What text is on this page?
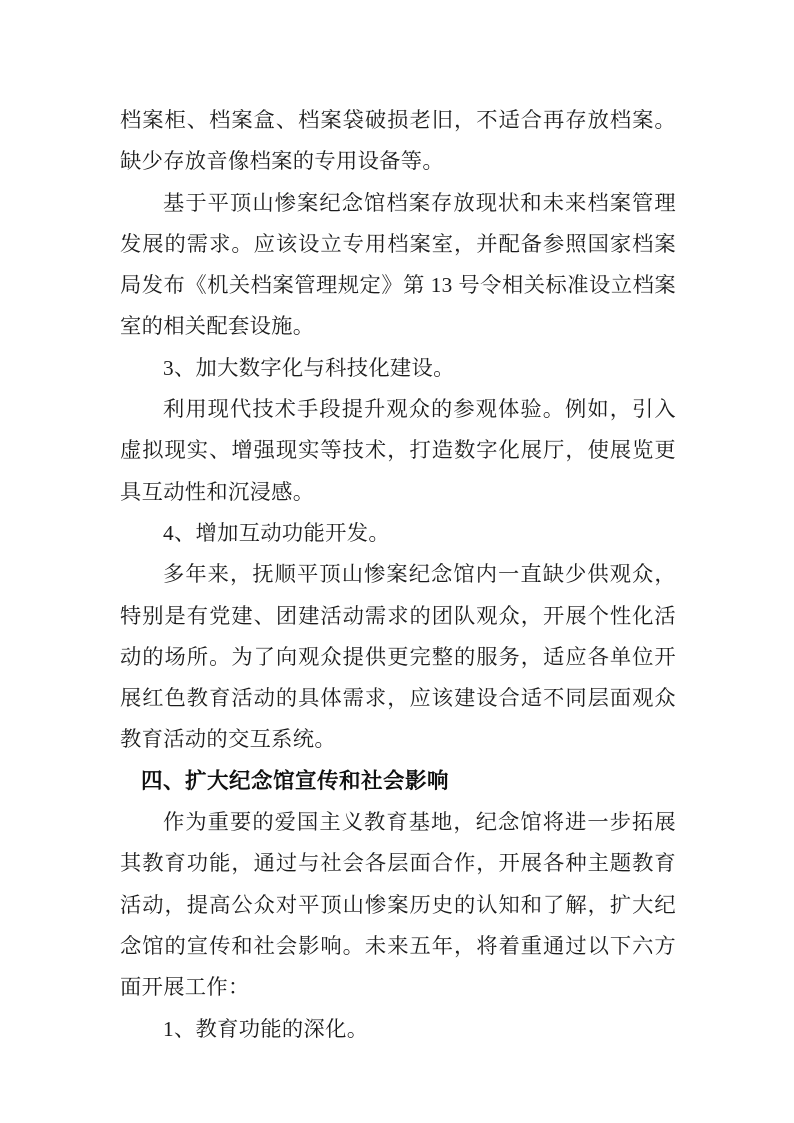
档案柜、档案盒、档案袋破损老旧，不适合再存放档案。缺少存放音像档案的专用设备等。

基于平顶山惨案纪念馆档案存放现状和未来档案管理发展的需求。应该设立专用档案室，并配备参照国家档案局发布《机关档案管理规定》第 13 号令相关标准设立档案室的相关配套设施。

3、加大数字化与科技化建设。

利用现代技术手段提升观众的参观体验。例如，引入虚拟现实、增强现实等技术，打造数字化展厅，使展览更具互动性和沉浸感。

4、增加互动功能开发。

多年来，抚顺平顶山惨案纪念馆内一直缺少供观众，特别是有党建、团建活动需求的团队观众，开展个性化活动的场所。为了向观众提供更完整的服务，适应各单位开展红色教育活动的具体需求，应该建设合适不同层面观众教育活动的交互系统。

四、扩大纪念馆宣传和社会影响

作为重要的爱国主义教育基地，纪念馆将进一步拓展其教育功能，通过与社会各层面合作，开展各种主题教育活动，提高公众对平顶山惨案历史的认知和了解，扩大纪念馆的宣传和社会影响。未来五年，将着重通过以下六方面开展工作：

1、教育功能的深化。
